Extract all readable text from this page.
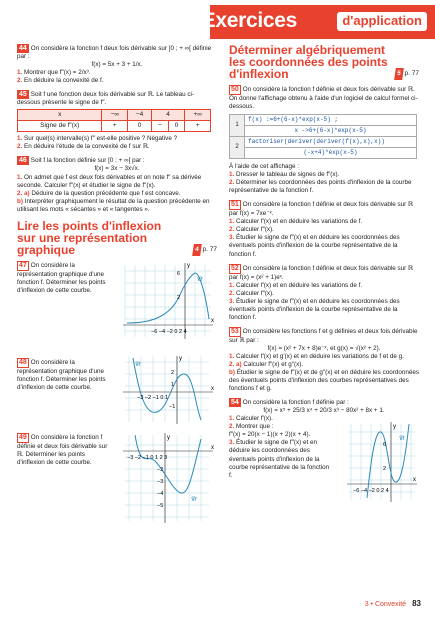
Exercices	d'application

44 On considère la fonction f deux fois dérivable sur ]0 ; + ∞[ définie par :

f(x) = 5x + 3 + 1/x.

1. Montrer que f″(x) = 2/x³.

2. En déduire la convexité de f.

45 Soit f une fonction deux fois dérivable sur ℝ. Le tableau ci-dessous présente le signe de f″.

x	−∞	−4	4		+∞
Signe de f″(x)	+	0	−	0	+

1. Sur quel(s) intervalle(s) f″ est-elle positive ? Négative ?

2. En déduire l'étude de la convexité de f sur ℝ.

46 Soit f la fonction définie sur [0 ; + ∞[ par :

f(x) = 3x − 3x√x.

1. On admet que f est deux fois dérivables et on note f″ sa dérivée seconde. Calculer f″(x) et étudier le signe de f″(x).

2. a) Déduire de la question précédente que f est concave.

b) Interpréter graphiquement le résultat de la question précédente en utilisant les mots « sécantes » et « tangentes ».

Lire les points d'inflexion
sur une représentation
graphique	4 p. 77

47 On considère la représentation graphique d'une fonction f. Déterminer les points d'inflexion de cette courbe.

y
x
6
2
−6 −4 −2 0 2 4
𝒞f

48 On considère la représentation graphique d'une fonction f. Déterminer les points d'inflexion de cette courbe.

y
x
2
1
−3 −2 −1 0 1
−1
𝒞f

49 On considère la fonction f définie et deux fois dérivable sur ℝ. Déterminer les points d'inflexion de cette courbe.

y
x
−3 −2 −1 0 1 2 3
−2
−3
−4
−5
𝒞f
Déterminer algébriquement
les coordonnées des points
d'inflexion	5 p. 77

50 On considère la fonction f définie et deux fois dérivable sur ℝ. On donne l'affichage obtenu à l'aide d'un logiciel de calcul formel ci-dessous.

1	f(x) :=6+(6-x)*exp(x-5) ;
	x ->6+(6-x)*exp(x-5)
2	factoriser(deriver(deriver(f(x),x),x))
	(-x+4)*exp(x-5)

À l'aide de cet affichage :

1. Dresser le tableau de signes de f″(x).

2. Déterminer les coordonnées des points d'inflexion de la courbe représentative de la fonction f.

51 On considère la fonction f définie et deux fois dérivable sur ℝ par f(x) = 7xe⁻ˣ.

1. Calculer f′(x) et en déduire les variations de f.

2. Calculer f″(x).

3. Étudier le signe de f″(x) et en déduire les coordonnées des éventuels points d'inflexion de la courbe représentative de la fonction f.

52 On considère la fonction f définie et deux fois dérivable sur ℝ par f(x) = (x² + 1)eˣ.

1. Calculer f′(x) et en déduire les variations de f.

2. Calculer f″(x).

3. Étudier le signe de f″(x) et en déduire les coordonnées des éventuels points d'inflexion de la courbe représentative de la fonction f.

53 On considère les fonctions f et g définies et deux fois dérivable sur ℝ par :

f(x) = (x² + 7x + 8)e⁻ˣ, et g(x) = √(x² + 2).

1. Calculer f′(x) et g′(x) et en déduire les variations de f et de g.

2. a) Calculer f″(x) et g″(x).

b) Étudier le signe de f″(x) et de g″(x) et en déduire les coordonnées des éventuels points d'inflexion des courbes représentatives des fonctions f et g.

54 On considère la fonction f définie par :

f(x) = x⁵ + 25/3 x⁴ + 20/3 x³ − 80x² + 8x + 1.

1. Calculer f′(x).

2. Montrer que :

f″(x) = 20(x − 1)(x + 2)(x + 4).

3. Étudier le signe de f″(x) et en déduire les coordonnées des éventuels points d'inflexion de la courbe représentative de la fonction f.

y
x
6
2
−6 −4 −2 0 2 4
𝒞f
3 • Convexité 83
